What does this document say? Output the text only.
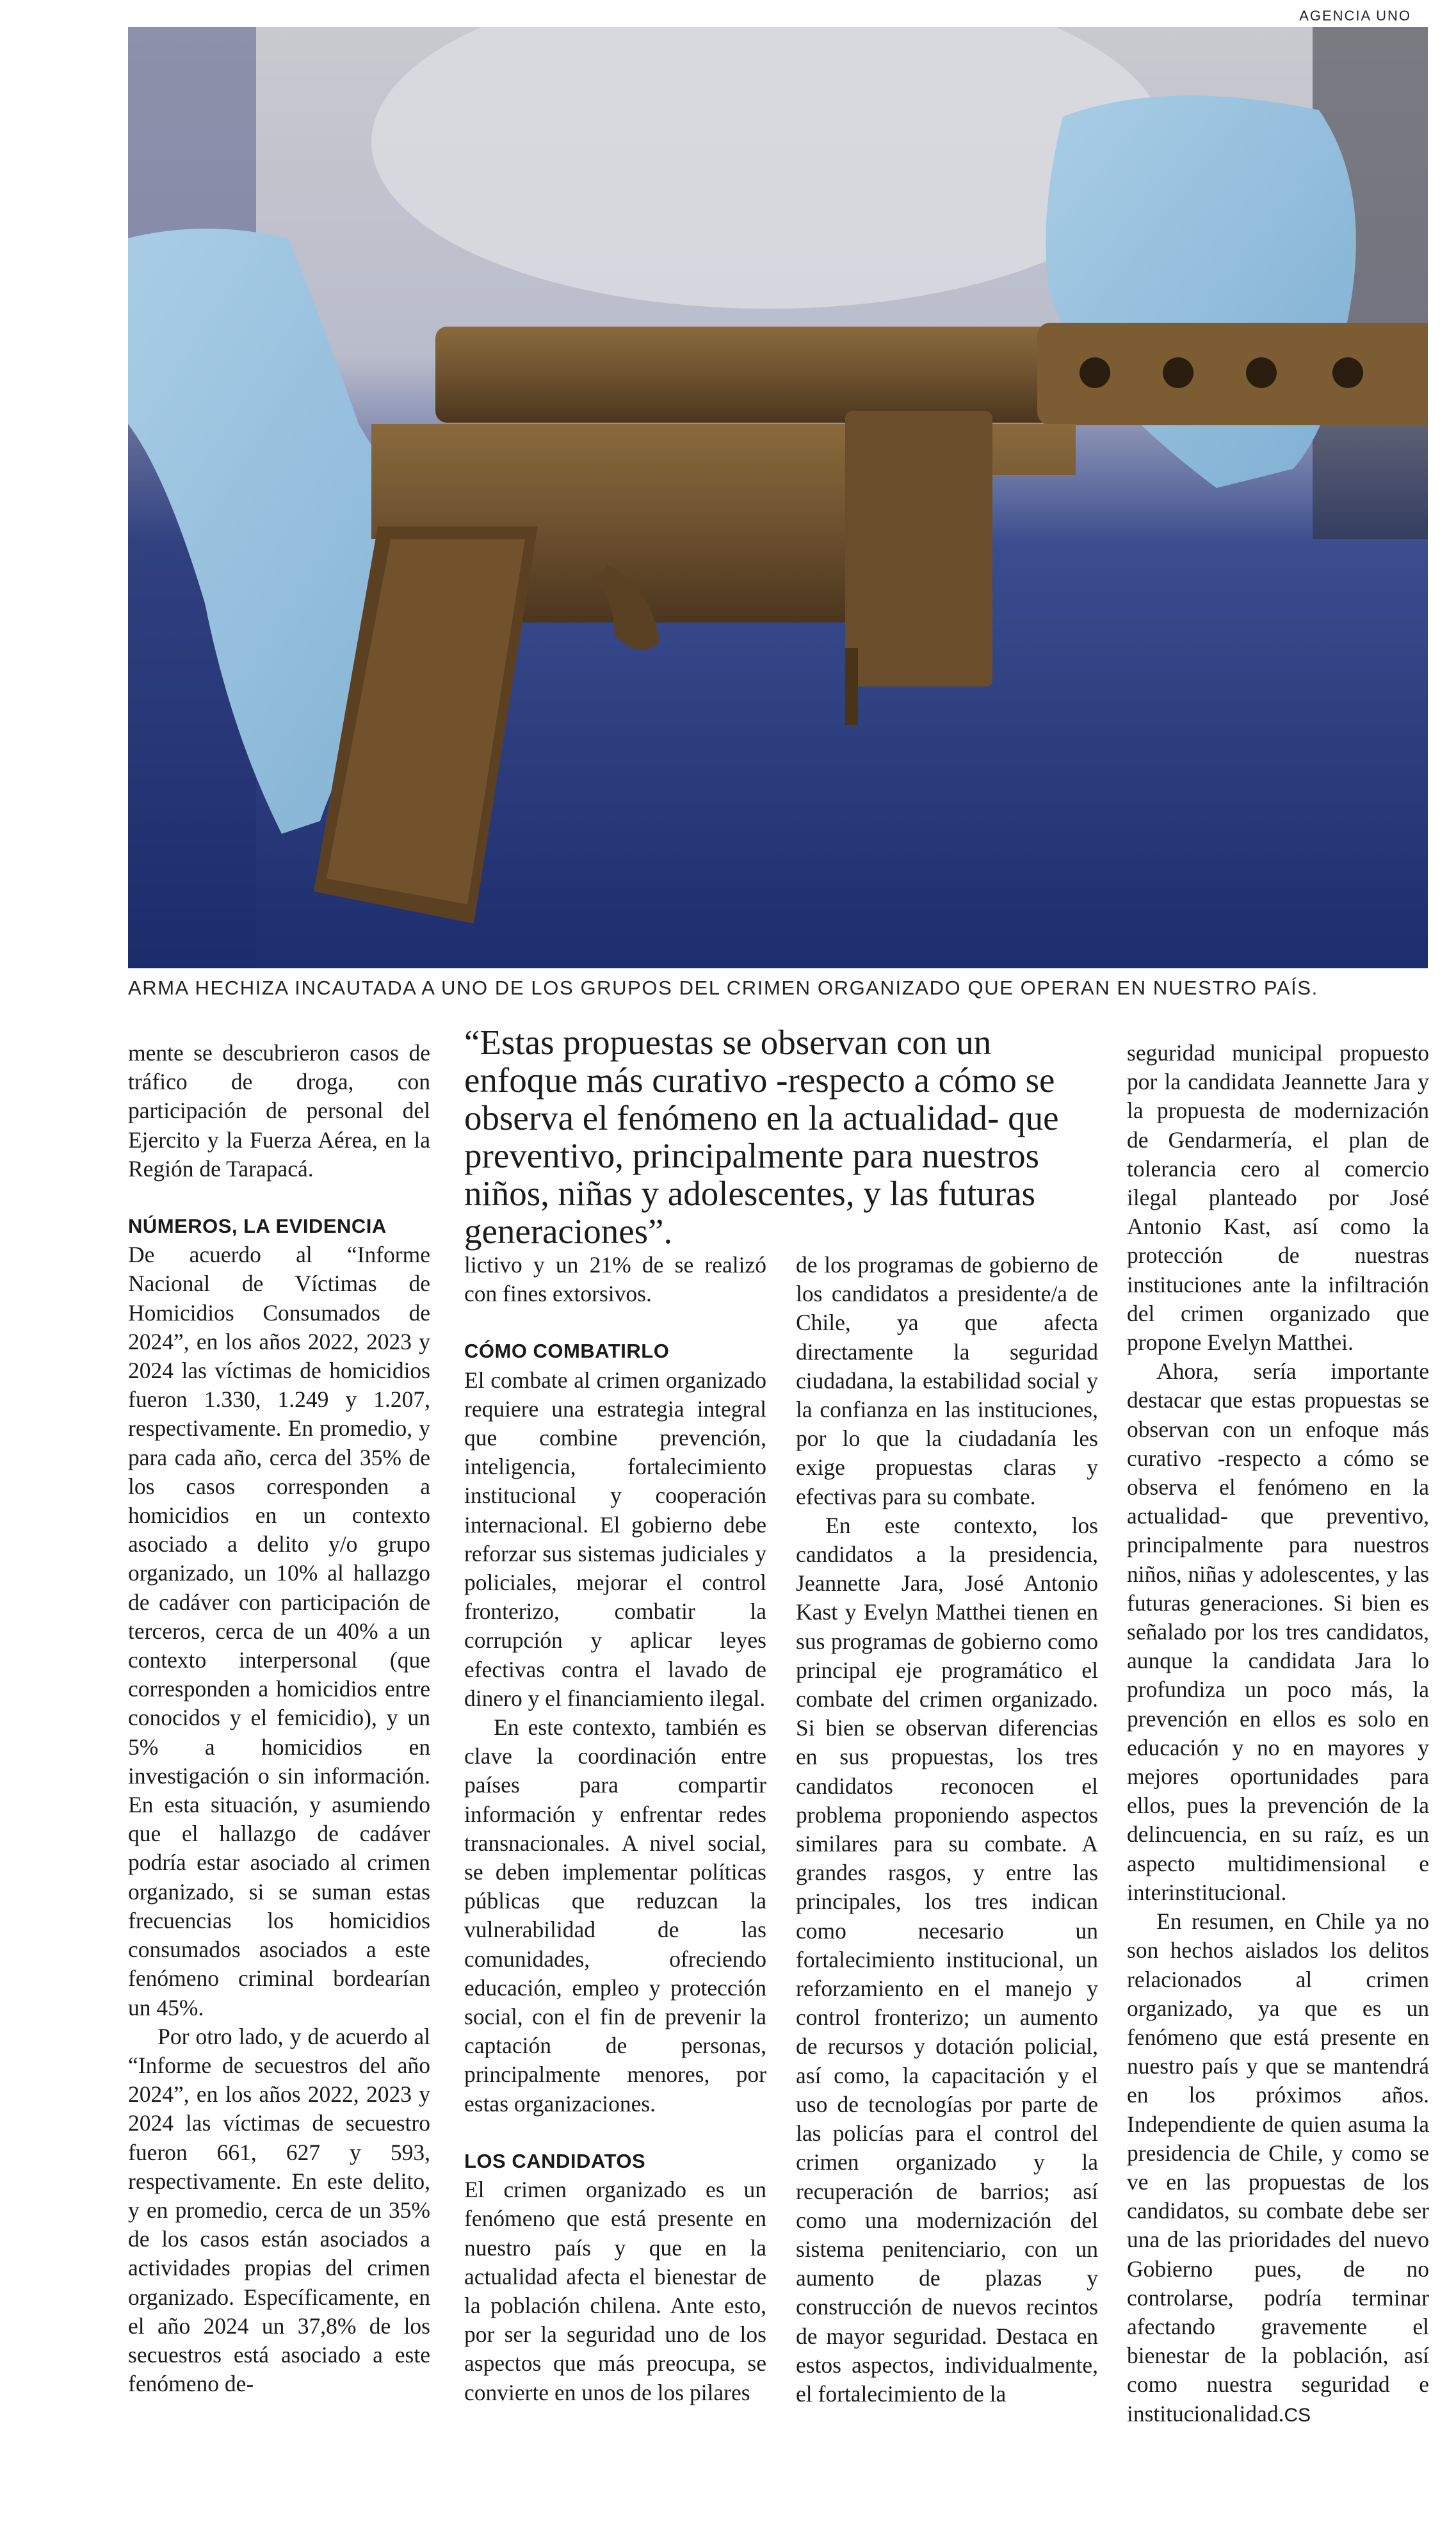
AGENCIA UNO
ARMA HECHIZA INCAUTADA A UNO DE LOS GRUPOS DEL CRIMEN ORGANIZADO QUE OPERAN EN NUESTRO PAÍS.

mente se descubrieron casos de tráfico de droga, con participación de personal del Ejercito y la Fuerza Aérea, en la Región de Tarapacá.

NÚMEROS, LA EVIDENCIA

De acuerdo al “Informe Nacional de Víctimas de Homicidios Consumados de 2024”, en los años 2022, 2023 y 2024 las víctimas de homicidios fueron 1.330, 1.249 y 1.207, respectivamente. En promedio, y para cada año, cerca del 35% de los casos corresponden a homicidios en un contexto asociado a delito y/o grupo organizado, un 10% al hallazgo de cadáver con participación de terceros, cerca de un 40% a un contexto interpersonal (que corresponden a homicidios entre conocidos y el femicidio), y un 5% a homicidios en investigación o sin información. En esta situación, y asumiendo que el hallazgo de cadáver podría estar asociado al crimen organizado, si se suman estas frecuencias los homicidios consumados asociados a este fenómeno criminal bordearían un 45%.

Por otro lado, y de acuerdo al “Informe de secuestros del año 2024”, en los años 2022, 2023 y 2024 las víctimas de secuestro fueron 661, 627 y 593, respectivamente. En este delito, y en promedio, cerca de un 35% de los casos están asociados a actividades propias del crimen organizado. Específicamente, en el año 2024 un 37,8% de los secuestros está asociado a este fenómeno de-

“Estas propuestas se observan con un enfoque más curativo -respecto a cómo se observa el fenómeno en la actualidad- que preventivo, principalmente para nuestros niños, niñas y adolescentes, y las futuras generaciones”.

lictivo y un 21% de se realizó con fines extorsivos.

CÓMO COMBATIRLO

El combate al crimen organizado requiere una estrategia integral que combine prevención, inteligencia, fortalecimiento institucional y cooperación internacional. El gobierno debe reforzar sus sistemas judiciales y policiales, mejorar el control fronterizo, combatir la corrupción y aplicar leyes efectivas contra el lavado de dinero y el financiamiento ilegal.

En este contexto, también es clave la coordinación entre países para compartir información y enfrentar redes transnacionales. A nivel social, se deben implementar políticas públicas que reduzcan la vulnerabilidad de las comunidades, ofreciendo educación, empleo y protección social, con el fin de prevenir la captación de personas, principalmente menores, por estas organizaciones.

LOS CANDIDATOS

El crimen organizado es un fenómeno que está presente en nuestro país y que en la actualidad afecta el bienestar de la población chilena. Ante esto, por ser la seguridad uno de los aspectos que más preocupa, se convierte en unos de los pilares

de los programas de gobierno de los candidatos a presidente/a de Chile, ya que afecta directamente la seguridad ciudadana, la estabilidad social y la confianza en las instituciones, por lo que la ciudadanía les exige propuestas claras y efectivas para su combate.

En este contexto, los candidatos a la presidencia, Jeannette Jara, José Antonio Kast y Evelyn Matthei tienen en sus programas de gobierno como principal eje programático el combate del crimen organizado. Si bien se observan diferencias en sus propuestas, los tres candidatos reconocen el problema proponiendo aspectos similares para su combate. A grandes rasgos, y entre las principales, los tres indican como necesario un fortalecimiento institucional, un reforzamiento en el manejo y control fronterizo; un aumento de recursos y dotación policial, así como, la capacitación y el uso de tecnologías por parte de las policías para el control del crimen organizado y la recuperación de barrios; así como una modernización del sistema penitenciario, con un aumento de plazas y construcción de nuevos recintos de mayor seguridad. Destaca en estos aspectos, individualmente, el fortalecimiento de la

seguridad municipal propuesto por la candidata Jeannette Jara y la propuesta de modernización de Gendarmería, el plan de tolerancia cero al comercio ilegal planteado por José Antonio Kast, así como la protección de nuestras instituciones ante la infiltración del crimen organizado que propone Evelyn Matthei.

Ahora, sería importante destacar que estas propuestas se observan con un enfoque más curativo -respecto a cómo se observa el fenómeno en la actualidad- que preventivo, principalmente para nuestros niños, niñas y adolescentes, y las futuras generaciones. Si bien es señalado por los tres candidatos, aunque la candidata Jara lo profundiza un poco más, la prevención en ellos es solo en educación y no en mayores y mejores oportunidades para ellos, pues la prevención de la delincuencia, en su raíz, es un aspecto multidimensional e interinstitucional.

En resumen, en Chile ya no son hechos aislados los delitos relacionados al crimen organizado, ya que es un fenómeno que está presente en nuestro país y que se mantendrá en los próximos años. Independiente de quien asuma la presidencia de Chile, y como se ve en las propuestas de los candidatos, su combate debe ser una de las prioridades del nuevo Gobierno pues, de no controlarse, podría terminar afectando gravemente el bienestar de la población, así como nuestra seguridad e institucionalidad.CS
